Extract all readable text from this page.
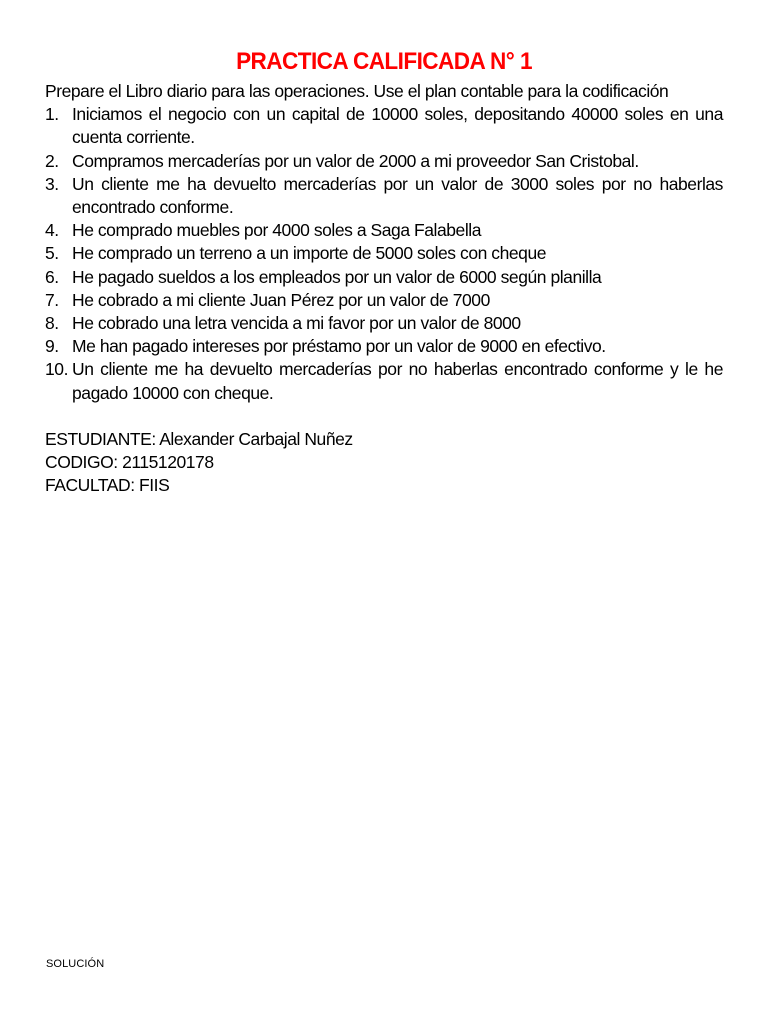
PRACTICA CALIFICADA N° 1

Prepare el Libro diario para las operaciones. Use el plan contable para la codificación

1. Iniciamos el negocio con un capital de 10000 soles, depositando 40000 soles en una cuenta corriente.
2. Compramos mercaderías por un valor de 2000 a mi proveedor San Cristobal.
3. Un cliente me ha devuelto mercaderías por un valor de 3000 soles por no haberlas encontrado conforme.
4. He comprado muebles por 4000 soles a Saga Falabella
5. He comprado un terreno a un importe de 5000 soles con cheque
6. He pagado sueldos a los empleados por un valor de 6000 según planilla
7. He cobrado a mi cliente Juan Pérez por un valor de 7000
8. He cobrado una letra vencida a mi favor por un valor de 8000
9. Me han pagado intereses por préstamo por un valor de 9000 en efectivo.
10. Un cliente me ha devuelto mercaderías por no haberlas encontrado conforme y le he pagado 10000 con cheque.
ESTUDIANTE: Alexander Carbajal Nuñez
CODIGO: 2115120178
FACULTAD: FIIS
SOLUCIÓN
